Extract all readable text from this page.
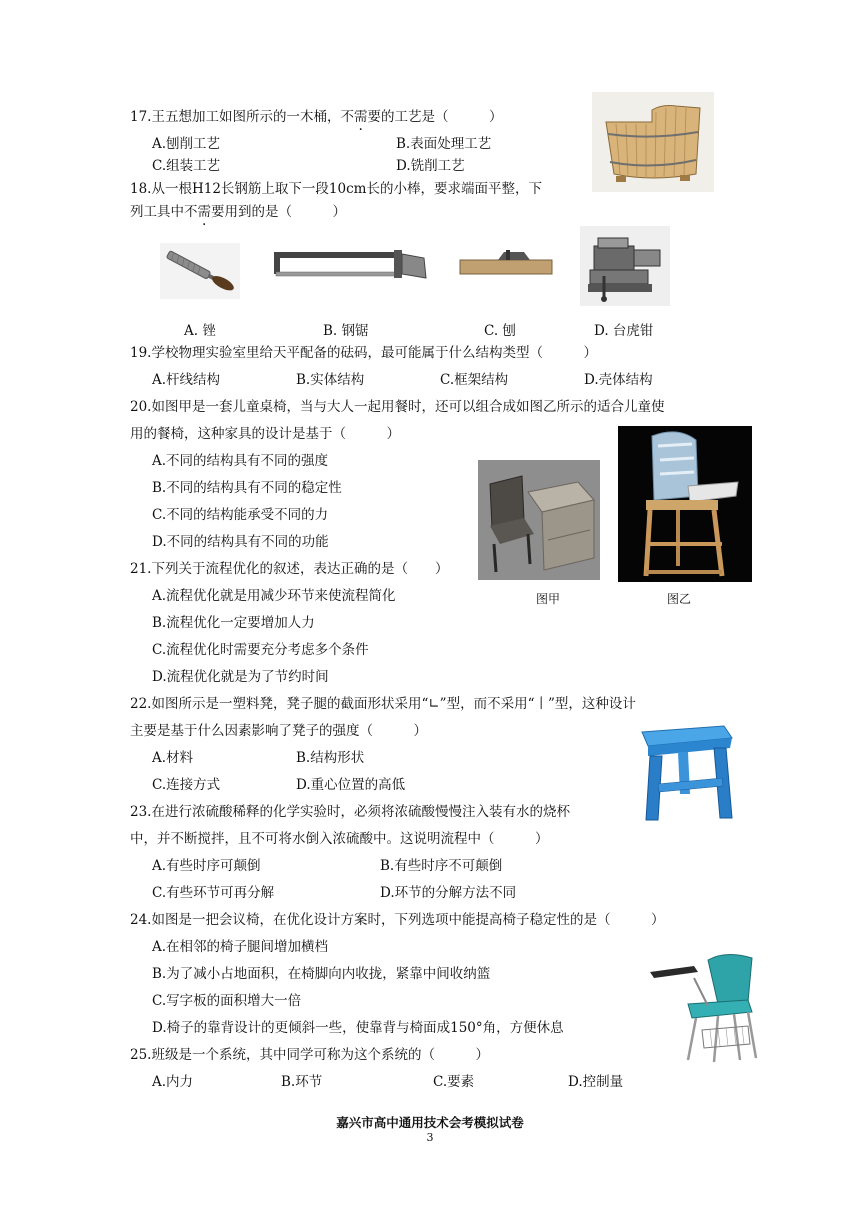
17.王五想加工如图所示的一木桶，不需要的工艺是（　　　）
A.刨削工艺	B.表面处理工艺
C.组装工艺	D.铣削工艺
18.从一根H12长钢筋上取下一段10cm长的小棒，要求端面平整，下
列工具中不需要用到的是（　　　）
A. 锉	B. 钢锯	C. 刨	D. 台虎钳
19.学校物理实验室里给天平配备的砝码，最可能属于什么结构类型（　　　）
A.杆线结构	B.实体结构	C.框架结构	D.壳体结构
20.如图甲是一套儿童桌椅，当与大人一起用餐时，还可以组合成如图乙所示的适合儿童使
用的餐椅，这种家具的设计是基于（　　　）
A.不同的结构具有不同的强度
B.不同的结构具有不同的稳定性
C.不同的结构能承受不同的力
D.不同的结构具有不同的功能
图甲	图乙
21.下列关于流程优化的叙述，表达正确的是（　　）
A.流程优化就是用减少环节来使流程简化
B.流程优化一定要增加人力
C.流程优化时需要充分考虑多个条件
D.流程优化就是为了节约时间
22.如图所示是一塑料凳，凳子腿的截面形状采用“∟”型，而不采用“丨”型，这种设计
主要是基于什么因素影响了凳子的强度（　　　）
A.材料	B.结构形状
C.连接方式	D.重心位置的高低
23.在进行浓硫酸稀释的化学实验时，必须将浓硫酸慢慢注入装有水的烧杯
中，并不断搅拌，且不可将水倒入浓硫酸中。这说明流程中（　　　）
A.有些时序可颠倒	B.有些时序不可颠倒
C.有些环节可再分解	D.环节的分解方法不同
24.如图是一把会议椅，在优化设计方案时，下列选项中能提高椅子稳定性的是（　　　）
A.在相邻的椅子腿间增加横档
B.为了减小占地面积，在椅脚向内收拢，紧靠中间收纳篮
C.写字板的面积增大一倍
D.椅子的靠背设计的更倾斜一些，使靠背与椅面成150°角，方便休息
25.班级是一个系统，其中同学可称为这个系统的（　　　）
A.内力	B.环节	C.要素	D.控制量
嘉兴市高中通用技术会考模拟试卷
3
